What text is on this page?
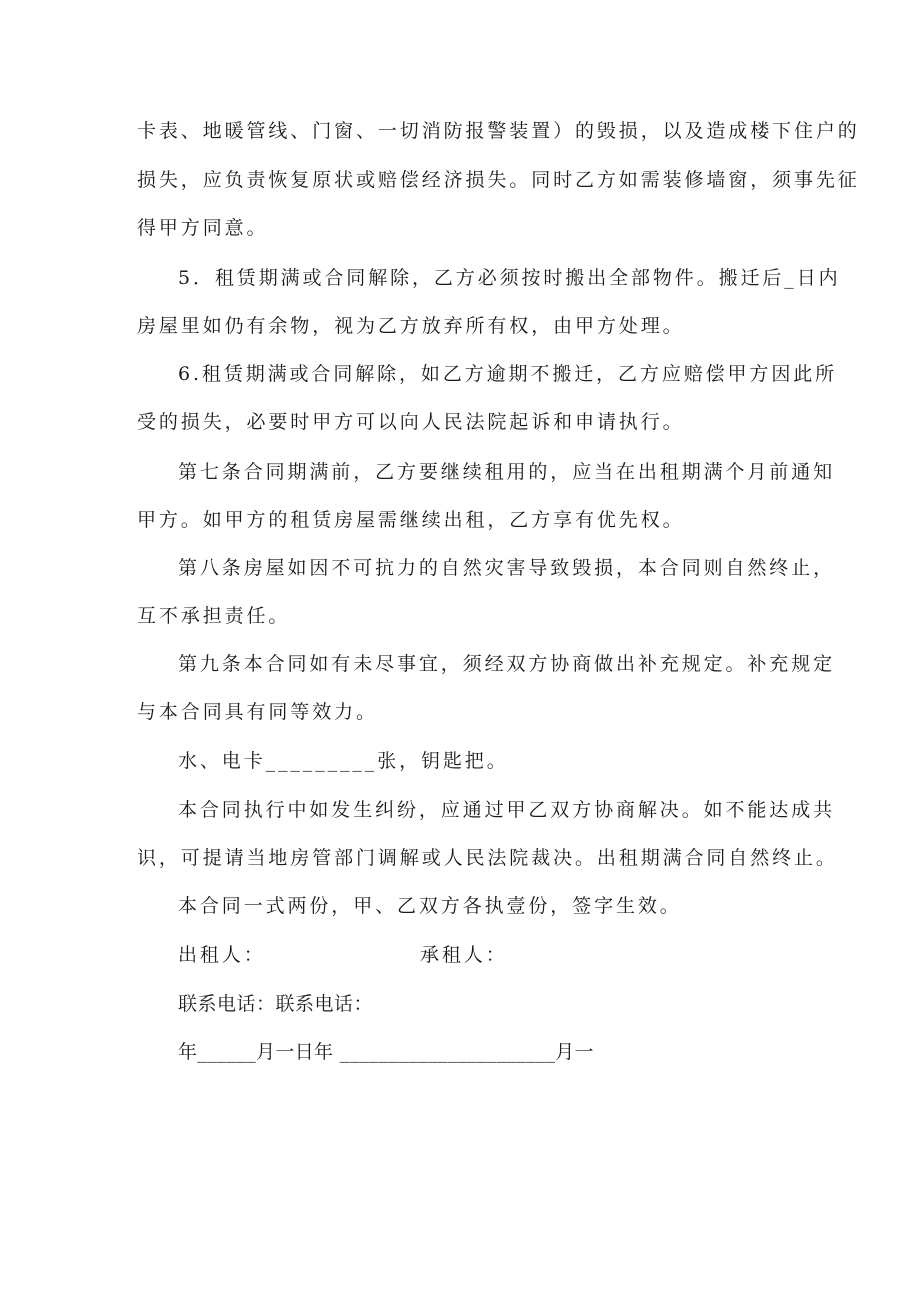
卡表、地暖管线、门窗、一切消防报警装置）的毁损，以及造成楼下住户的
损失，应负责恢复原状或赔偿经济损失。同时乙方如需装修墙窗，须事先征
得甲方同意。
5．租赁期满或合同解除，乙方必须按时搬出全部物件。搬迁后_日内
房屋里如仍有余物，视为乙方放弃所有权，由甲方处理。
6.租赁期满或合同解除，如乙方逾期不搬迁，乙方应赔偿甲方因此所
受的损失，必要时甲方可以向人民法院起诉和申请执行。
第七条合同期满前，乙方要继续租用的，应当在出租期满个月前通知
甲方。如甲方的租赁房屋需继续出租，乙方享有优先权。
第八条房屋如因不可抗力的自然灾害导致毁损，本合同则自然终止，
互不承担责任。
第九条本合同如有未尽事宜，须经双方协商做出补充规定。补充规定
与本合同具有同等效力。
水、电卡_________张，钥匙把。
本合同执行中如发生纠纷，应通过甲乙双方协商解决。如不能达成共
识，可提请当地房管部门调解或人民法院裁决。出租期满合同自然终止。
本合同一式两份，甲、乙双方各执壹份，签字生效。
出租人：	承租人：
联系电话：联系电话：
年______月一日年 ______________________月一
